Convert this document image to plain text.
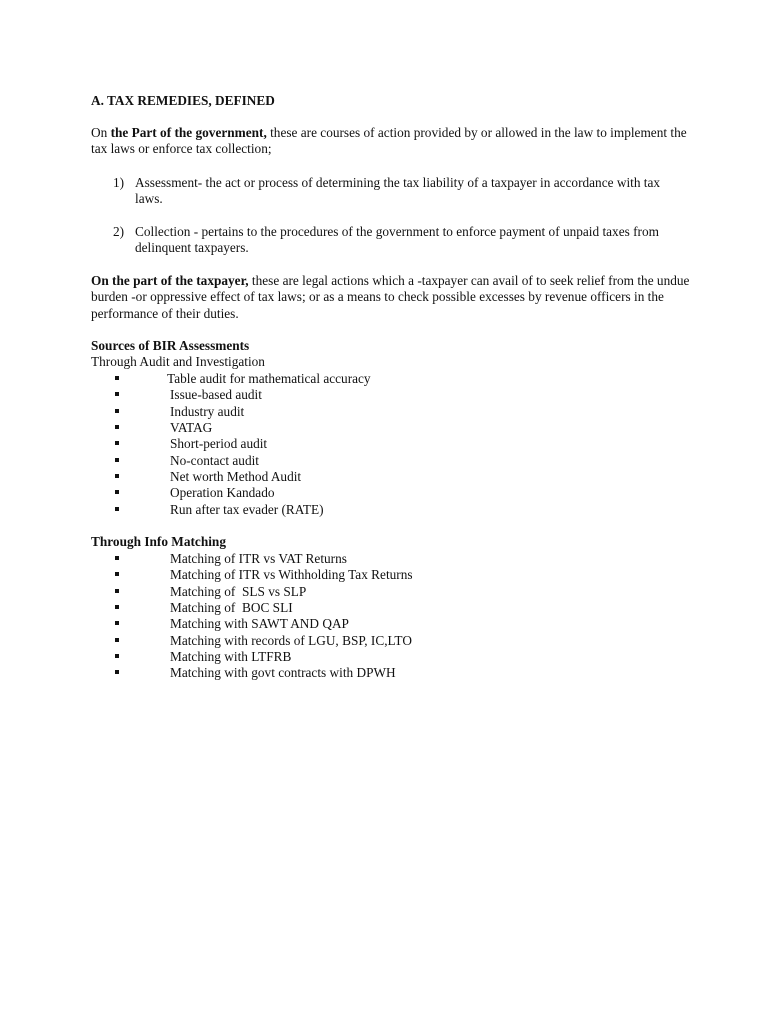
A. TAX REMEDIES, DEFINED

On the Part of the government, these are courses of action provided by or allowed in the law to implement the tax laws or enforce tax collection;

1) Assessment- the act or process of determining the tax liability of a taxpayer in accordance with tax laws.
2) Collection - pertains to the procedures of the government to enforce payment of unpaid taxes from delinquent taxpayers.

On the part of the taxpayer, these are legal actions which a -taxpayer can avail of to seek relief from the undue burden -or oppressive effect of tax laws; or as a means to check possible excesses by revenue officers in the performance of their duties.

Sources of BIR Assessments
Through Audit and Investigation
Table audit for mathematical accuracy
Issue-based audit
Industry audit
VATAG
Short-period audit
No-contact audit
Net worth Method Audit
Operation Kandado
Run after tax evader (RATE)
Through Info Matching
Matching of ITR vs VAT Returns
Matching of ITR vs Withholding Tax Returns
Matching of  SLS vs SLP
Matching of  BOC SLI
Matching with SAWT AND QAP
Matching with records of LGU, BSP, IC,LTO
Matching with LTFRB
Matching with govt contracts with DPWH
